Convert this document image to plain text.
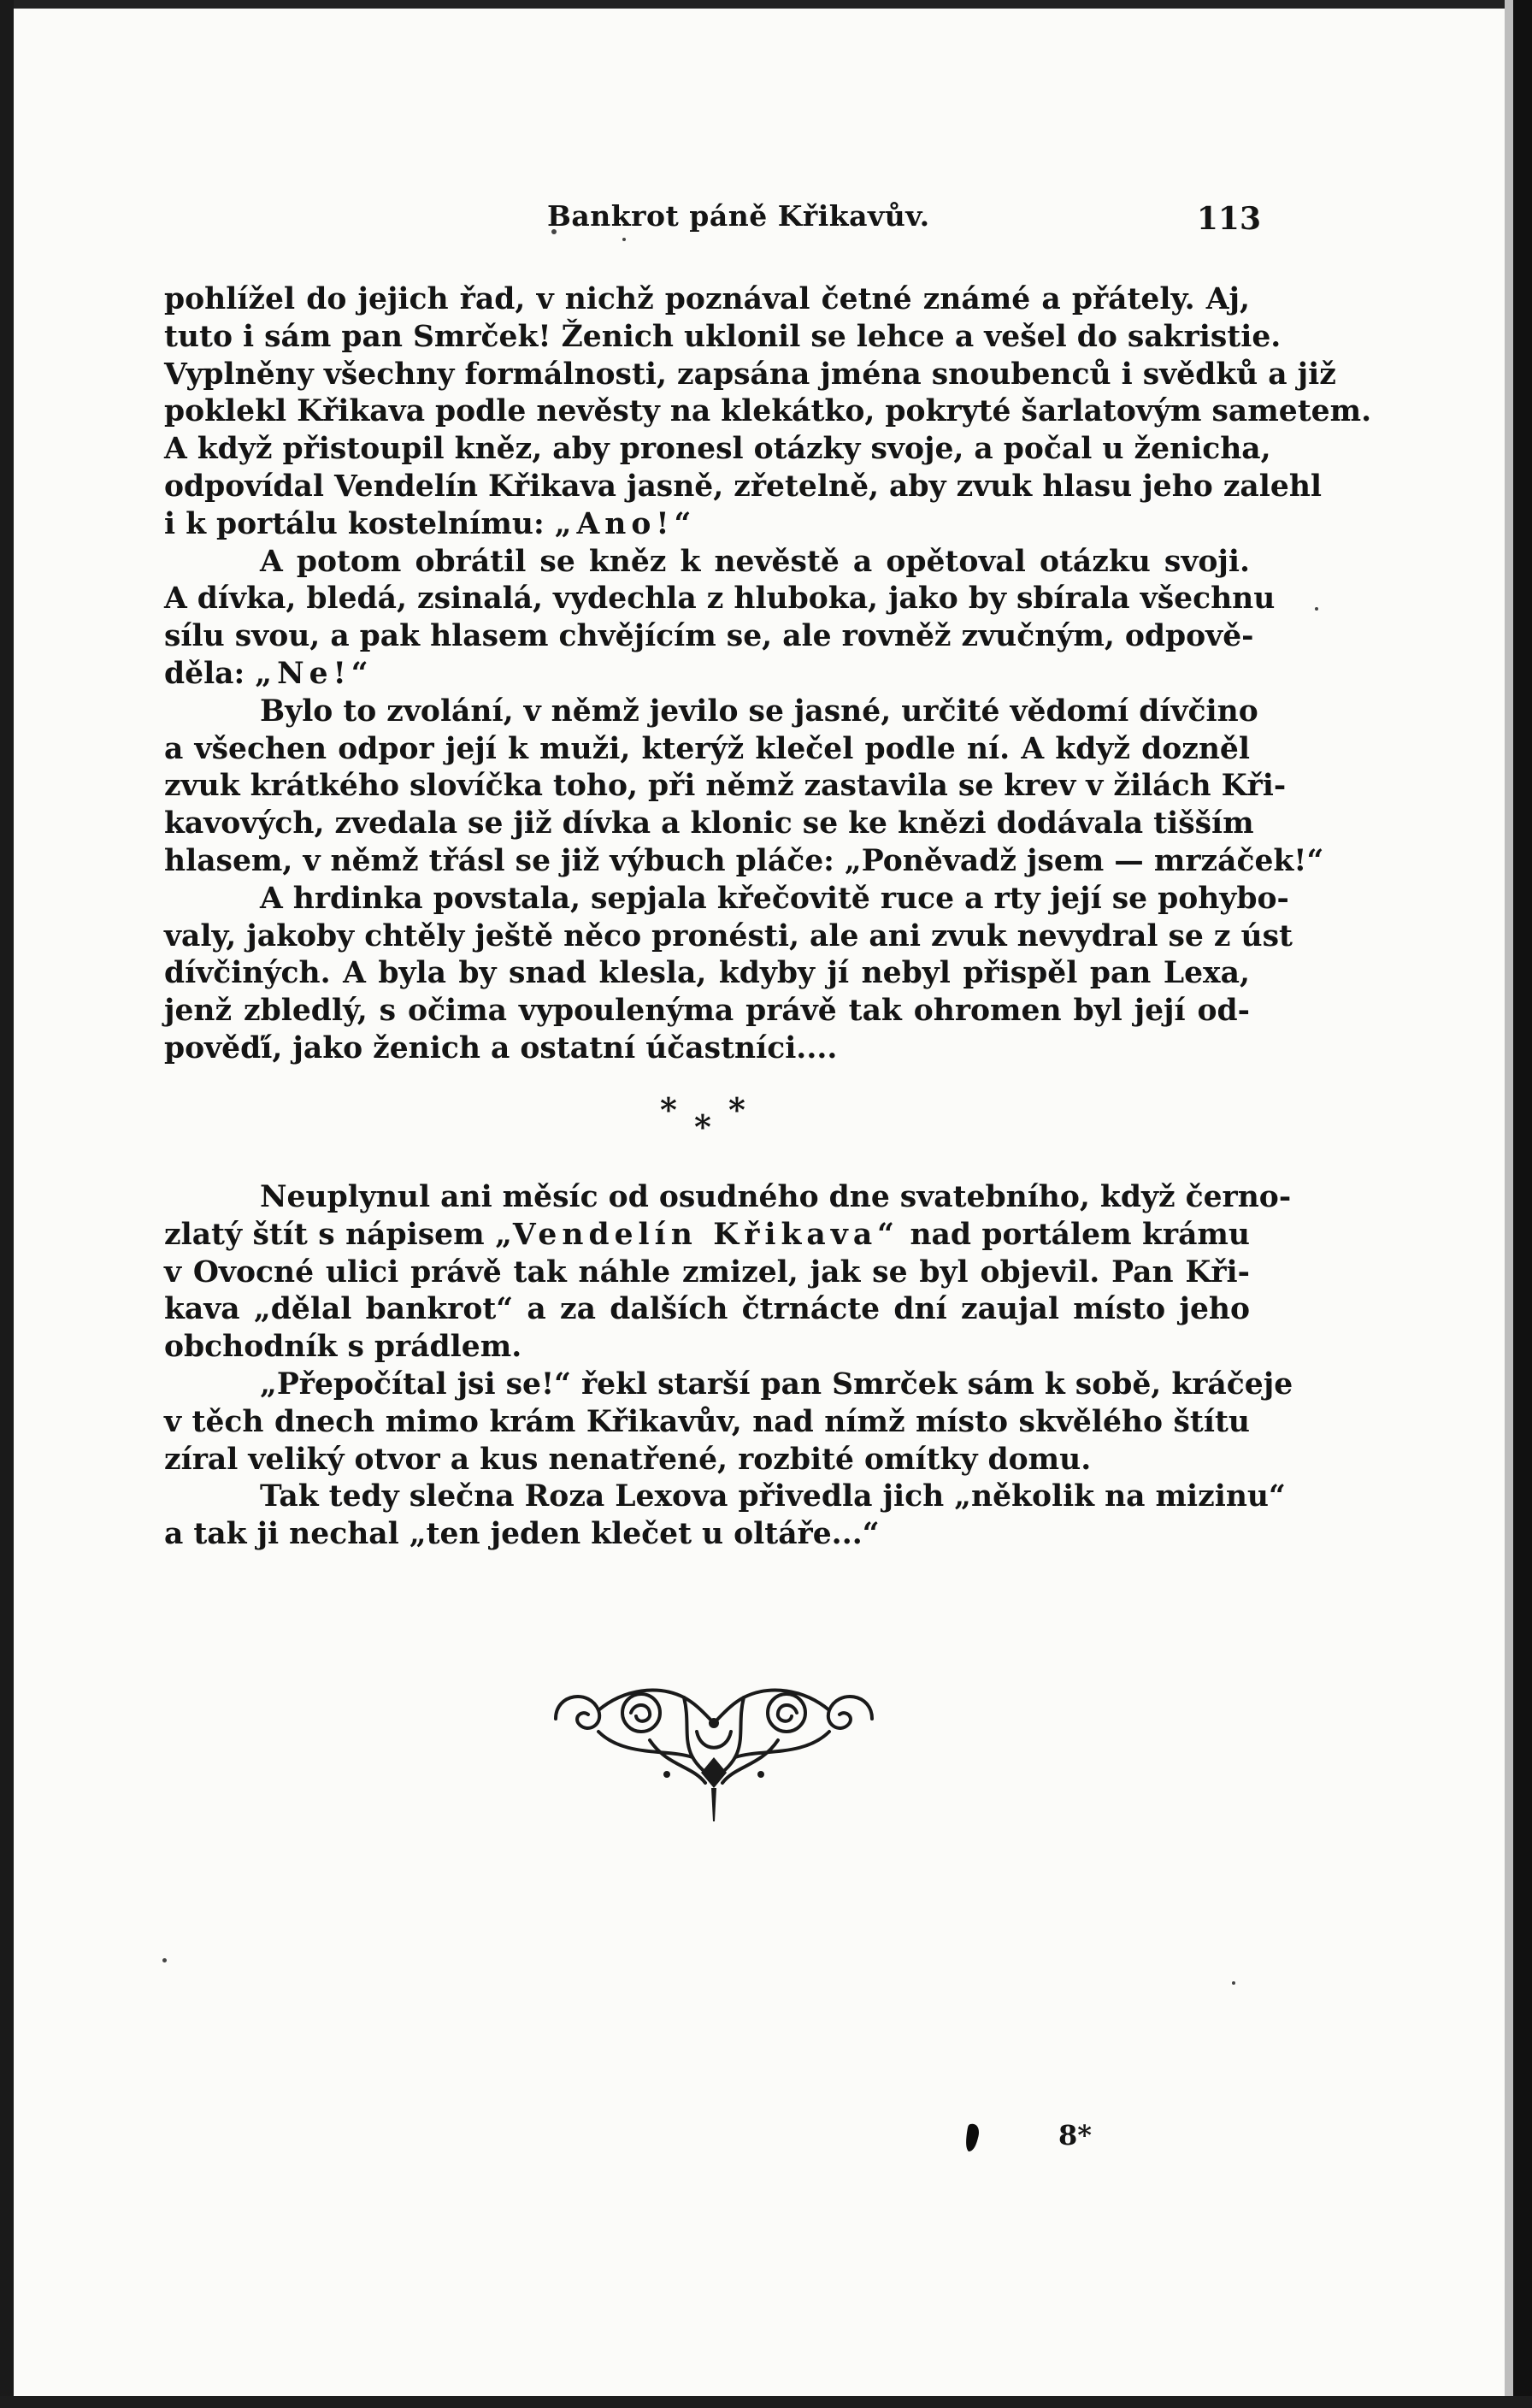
Bankrot páně Křikavův.	113
pohlížel do jejich řad, v nichž poznával četné známé a přátely. Aj,
tuto i sám pan Smrček! Ženich uklonil se lehce a vešel do sakristie.
Vyplněny všechny formálnosti, zapsána jména snoubenců i svědků a již
poklekl Křikava podle nevěsty na klekátko, pokryté šarlatovým sametem.
A když přistoupil kněz, aby pronesl otázky svoje, a počal u ženicha,
odpovídal Vendelín Křikava jasně, zřetelně, aby zvuk hlasu jeho zalehl
i k portálu kostelnímu: „Ano!“
A potom obrátil se kněz k nevěstě a opětoval otázku svoji.
A dívka, bledá, zsinalá, vydechla z hluboka, jako by sbírala všechnu
sílu svou, a pak hlasem chvějícím se, ale rovněž zvučným, odpově-
děla: „Ne!“
Bylo to zvolání, v němž jevilo se jasné, určité vědomí dívčino
a všechen odpor její k muži, kterýž klečel podle ní. A když dozněl
zvuk krátkého slovíčka toho, při němž zastavila se krev v žilách Kři-
kavových, zvedala se již dívka a klonic se ke knězi dodávala tišším
hlasem, v němž třásl se již výbuch pláče: „Poněvadž jsem — mrzáček!“
A hrdinka povstala, sepjala křečovitě ruce a rty její se pohybo-
valy, jakoby chtěly ještě něco pronésti, ale ani zvuk nevydral se z úst
dívčiných. A byla by snad klesla, kdyby jí nebyl přispěl pan Lexa,
jenž zbledlý, s očima vypoulenýma právě tak ohromen byl její od-
pověďí, jako ženich a ostatní účastníci....
* * *
Neuplynul ani měsíc od osudného dne svatebního, když černo-
zlatý štít s nápisem „Vendelín Křikava“ nad portálem krámu
v Ovocné ulici právě tak náhle zmizel, jak se byl objevil. Pan Kři-
kava „dělal bankrot“ a za dalších čtrnácte dní zaujal místo jeho
obchodník s prádlem.
„Přepočítal jsi se!“ řekl starší pan Smrček sám k sobě, kráčeje
v těch dnech mimo krám Křikavův, nad nímž místo skvělého štítu
zíral veliký otvor a kus nenatřené, rozbité omítky domu.
Tak tedy slečna Roza Lexova přivedla jich „několik na mizinu“
a tak ji nechal „ten jeden klečet u oltáře...“
8*
